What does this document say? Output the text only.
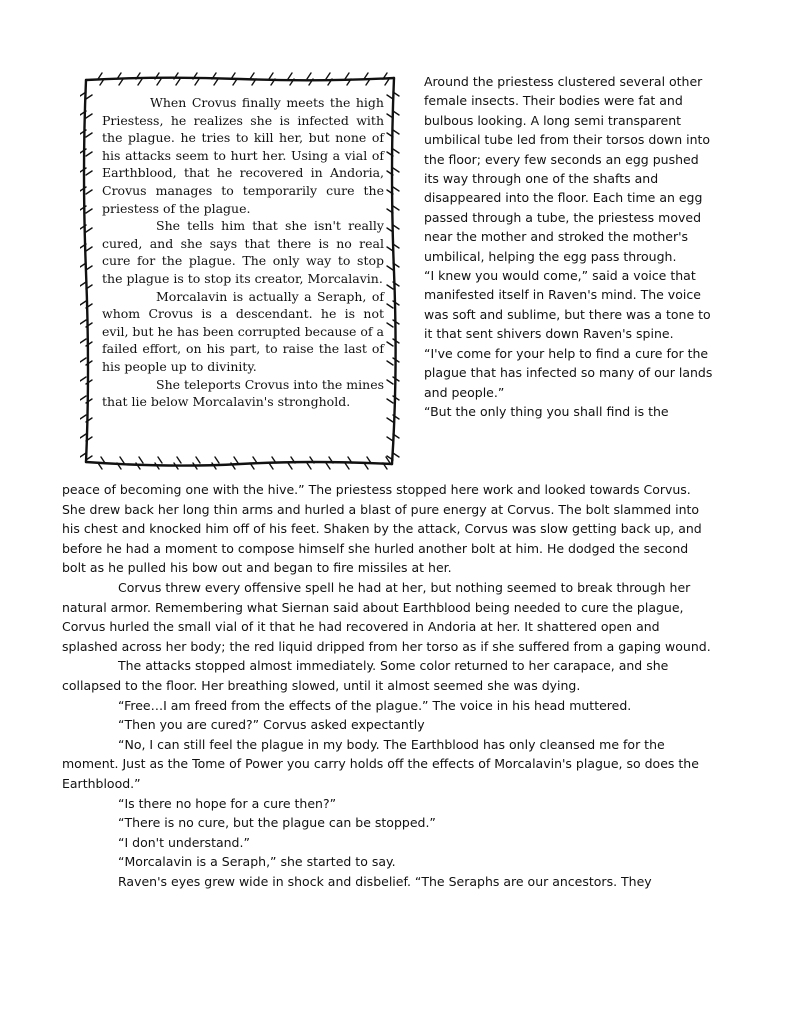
When Crovus finally meets the high Priestess, he realizes she is infected with the plague. he tries to kill her, but none of his attacks seem to hurt her. Using a vial of Earthblood, that he recovered in Andoria, Crovus manages to temporarily cure the priestess of the plague.

She tells him that she isn't really cured, and she says that there is no real cure for the plague. The only way to stop the plague is to stop its creator, Morcalavin.

Morcalavin is actually a Seraph, of whom Crovus is a descendant. he is not evil, but he has been corrupted because of a failed effort, on his part, to raise the last of his people up to divinity.

She teleports Crovus into the mines that lie below Morcalavin's stronghold.

Around the priestess clustered several other female insects. Their bodies were fat and bulbous looking. A long semi transparent umbilical tube led from their torsos down into the floor; every few seconds an egg pushed its way through one of the shafts and disappeared into the floor. Each time an egg passed through a tube, the priestess moved near the mother and stroked the mother's umbilical, helping the egg pass through.

“I knew you would come,” said a voice that manifested itself in Raven's mind. The voice was soft and sublime, but there was a tone to it that sent shivers down Raven's spine.

“I've come for your help to find a cure for the plague that has infected so many of our lands and people.”

“But the only thing you shall find is the

peace of becoming one with the hive.” The priestess stopped here work and looked towards Corvus. She drew back her long thin arms and hurled a blast of pure energy at Corvus. The bolt slammed into his chest and knocked him off of his feet. Shaken by the attack, Corvus was slow getting back up, and before he had a moment to compose himself she hurled another bolt at him. He dodged the second bolt as he pulled his bow out and began to fire missiles at her.

Corvus threw every offensive spell he had at her, but nothing seemed to break through her natural armor. Remembering what Siernan said about Earthblood being needed to cure the plague, Corvus hurled the small vial of it that he had recovered in Andoria at her. It shattered open and splashed across her body; the red liquid dripped from her torso as if she suffered from a gaping wound.

The attacks stopped almost immediately. Some color returned to her carapace, and she collapsed to the floor. Her breathing slowed, until it almost seemed she was dying.

“Free…I am freed from the effects of the plague.” The voice in his head muttered.

“Then you are cured?” Corvus asked expectantly

“No, I can still feel the plague in my body. The Earthblood has only cleansed me for the moment. Just as the Tome of Power you carry holds off the effects of Morcalavin's plague, so does the Earthblood.”

“Is there no hope for a cure then?”

“There is no cure, but the plague can be stopped.”

“I don't understand.”

“Morcalavin is a Seraph,” she started to say.

Raven's eyes grew wide in shock and disbelief. “The Seraphs are our ancestors. They
